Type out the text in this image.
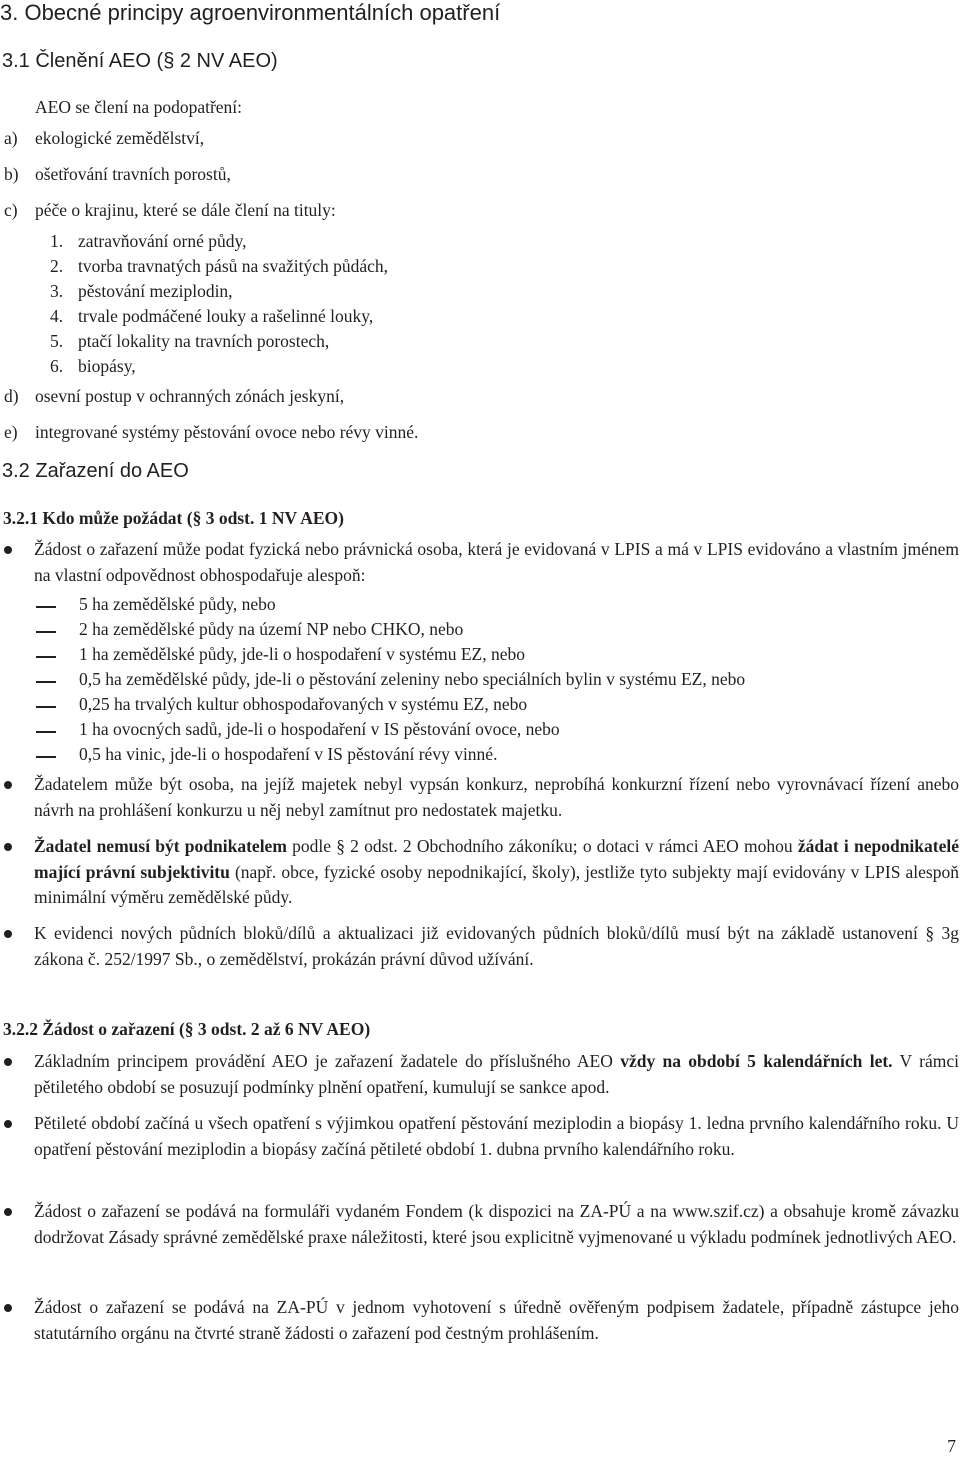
3. Obecné principy agroenvironmentálních opatření
3.1 Členění AEO (§ 2 NV AEO)
AEO se člení na podopatření:
a) ekologické zemědělství,
b) ošetřování travních porostů,
c) péče o krajinu, které se dále člení na tituly:
1. zatravňování orné půdy,
2. tvorba travnatých pásů na svažitých půdách,
3. pěstování meziplodin,
4. trvale podmáčené louky a rašelinné louky,
5. ptačí lokality na travních porostech,
6. biopásy,
d) osevní postup v ochranných zónách jeskyní,
e) integrované systémy pěstování ovoce nebo révy vinné.
3.2 Zařazení do AEO
3.2.1 Kdo může požádat (§ 3 odst. 1 NV AEO)
Žádost o zařazení může podat fyzická nebo právnická osoba, která je evidovaná v LPIS a má v LPIS evidováno a vlastním jménem na vlastní odpovědnost obhospodařuje alespoň:
5 ha zemědělské půdy, nebo
2 ha zemědělské půdy na území NP nebo CHKO, nebo
1 ha zemědělské půdy, jde-li o hospodaření v systému EZ, nebo
0,5 ha zemědělské půdy, jde-li o pěstování zeleniny nebo speciálních bylin v systému EZ, nebo
0,25 ha trvalých kultur obhospodařovaných v systému EZ, nebo
1 ha ovocných sadů, jde-li o hospodaření v IS pěstování ovoce, nebo
0,5 ha vinic, jde-li o hospodaření v IS pěstování révy vinné.
Žadatelem může být osoba, na jejíž majetek nebyl vypsán konkurz, neprobíhá konkurzní řízení nebo vyrovnávací řízení anebo návrh na prohlášení konkurzu u něj nebyl zamítnut pro nedostatek majetku.
Žadatel nemusí být podnikatelem podle § 2 odst. 2 Obchodního zákoníku; o dotaci v rámci AEO mohou žádat i nepodnikatelé mající právní subjektivitu (např. obce, fyzické osoby nepodnikající, školy), jestliže tyto subjekty mají evidovány v LPIS alespoň minimální výměru zemědělské půdy.
K evidenci nových půdních bloků/dílů a aktualizaci již evidovaných půdních bloků/dílů musí být na základě ustanovení § 3g zákona č. 252/1997 Sb., o zemědělství, prokázán právní důvod užívání.
3.2.2 Žádost o zařazení (§ 3 odst. 2 až 6 NV AEO)
Základním principem provádění AEO je zařazení žadatele do příslušného AEO vždy na období 5 kalendářních let. V rámci pětiletého období se posuzují podmínky plnění opatření, kumulují se sankce apod.
Pětileté období začíná u všech opatření s výjimkou opatření pěstování meziplodin a biopásy 1. ledna prvního kalendářního roku. U opatření pěstování meziplodin a biopásy začíná pětileté období 1. dubna prvního kalendářního roku.
Žádost o zařazení se podává na formuláři vydaném Fondem (k dispozici na ZA-PÚ a na www.szif.cz) a obsahuje kromě závazku dodržovat Zásady správné zemědělské praxe náležitosti, které jsou explicitně vyjmenované u výkladu podmínek jednotlivých AEO.
Žádost o zařazení se podává na ZA-PÚ v jednom vyhotovení s úředně ověřeným podpisem žadatele, případně zástupce jeho statutárního orgánu na čtvrté straně žádosti o zařazení pod čestným prohlášením.
7
